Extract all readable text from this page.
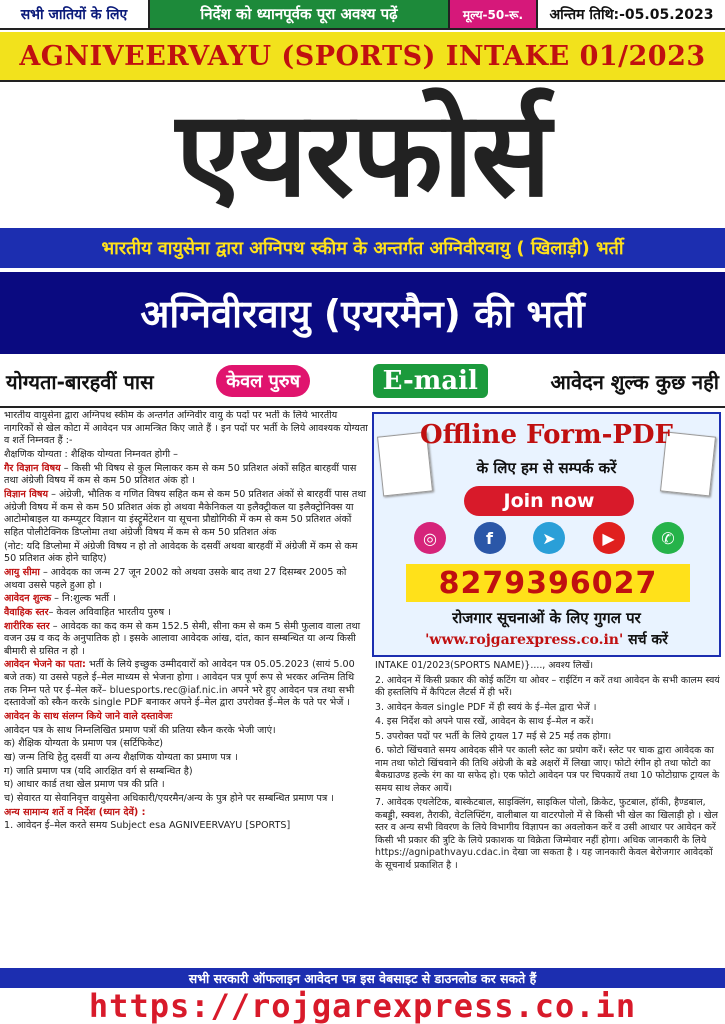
सभी जातियों के लिए	निर्देश को ध्यानपूर्वक पूरा अवश्य पढ़ें	मूल्य-50-रू.	अन्तिम तिथि:-05.05.2023
AGNIVEERVAYU (SPORTS) INTAKE 01/2023
एयरफोर्स
भारतीय वायुसेना द्वारा अग्निपथ स्कीम के अन्तर्गत अग्निवीरवायु ( खिलाड़ी) भर्ती
अग्निवीरवायु (एयरमैन) की भर्ती
योग्यता-बारहवीं पास	केवल पुरुष	E-mail	आवेदन शुल्क कुछ नही

भारतीय वायुसेना द्वारा अग्निपथ स्कीम के अन्तर्गत अग्निवीर वायु के पदों पर भर्ती के लिये भारतीय नागरिकों से खेल कोटा में आवेदन पत्र आमन्त्रित किए जाते हैं । इन पदों पर भर्ती के लिये आवश्यक योग्यता व शर्ते निम्नवत हैं :-

शैक्षणिक योग्यता : शैक्षिक योग्यता निम्नवत होगी –

गैर विज्ञान विषय – किसी भी विषय से कुल मिलाकर कम से कम 50 प्रतिशत अंकों सहित बारहवीं पास तथा अंग्रेजी विषय में कम से कम 50 प्रतिशत अंक हो ।

विज्ञान विषय – अंग्रेजी, भौतिक व गणित विषय सहित कम से कम 50 प्रतिशत अंकों से बारहवीं पास तथा अंग्रेजी विषय में कम से कम 50 प्रतिशत अंक हो अथवा मैकेनिकल या इलैक्ट्रीकल या इलैक्ट्रोनिक्स या आटोमोबाइल या कम्प्यूटर विज्ञान या इंस्ट्रूमेंटेशन या सूचना प्रौद्योगिकी में कम से कम 50 प्रतिशत अंकों सहित पोलीटेक्निक डिप्लोमा तथा अंग्रेजी विषय में कम से कम 50 प्रतिशत अंक

(नोट: यदि डिप्लोमा में अंग्रेजी विषय न हो तो आवेदक के दसवीं अथवा बारहवीं में अंग्रेजी में कम से कम 50 प्रतिशत अंक होने चाहिए)

आयु सीमा – आवेदक का जन्म 27 जून 2002 को अथवा उसके बाद तथा 27 दिसम्बर 2005 को अथवा उससे पहले हुआ हो ।

आवेदन शुल्क – नि:शुल्क भर्ती ।

वैवाहिक स्तर– केवल अविवाहित भारतीय पुरुष ।

शारीरिक स्तर – आवेदक का कद कम से कम 152.5 सेमी, सीना कम से कम 5 सेमी फुलाव वाला तथा वजन उम्र व कद के अनुपातिक हो । इसके आलावा आवेदक आंख, दांत, कान सम्बन्धित या अन्य किसी बीमारी से ग्रसित न हो ।

आवेदन भेजने का पता: भर्ती के लिये इच्छुक उम्मीदवारों को आवेदन पत्र 05.05.2023 (सायं 5.00 बजे तक) या उससे पहले ई–मेल माध्यम से भेजना होगा । आवेदन पत्र पूर्ण रूप से भरकर अन्तिम तिथि तक निम्न पते पर ई–मेल करें– bluesports.rec@iaf.nic.in अपने भरे हुए आवेदन पत्र तथा सभी दस्तावेजों को स्कैन करके single PDF बनाकर अपने ई–मेल द्वारा उपरोक्त ई–मेल के पते पर भेजें ।

आवेदन के साथ संलग्न किये जाने वाले दस्तावेजः

आवेदन पत्र के साथ निम्नलिखित प्रमाण पत्रों की प्रतिया स्कैन करके भेजी जाएं।

क) शैक्षिक योग्यता के प्रमाण पत्र (सर्टिफिकेट)

ख) जन्म तिथि हेतु दसवीं या अन्य शैक्षणिक योग्यता का प्रमाण पत्र ।

ग) जाति प्रमाण पत्र (यदि आरक्षित वर्ग से सम्बन्धित है)

घ) आधार कार्ड तथा खेल प्रमाण पत्र की प्रति ।

च) सेवारत या सेवानिवृत्त वायुसेना अधिकारी/एयरमैन/अन्य के पुत्र होने पर सम्बन्धित प्रमाण पत्र ।

अन्य सामान्य शर्ते व निर्देश (ध्यान देवें) :

1. आवेदन ई–मेल करते समय Subject esa AGNIVEERVAYU [SPORTS]

Offline Form-PDF
के लिए हम से सम्पर्क करें
Join now
◎	f	➤	▶	✆
8279396027
रोजगार सूचनाओं के लिए गुगल पर
'www.rojgarexpress.co.in' सर्च करें
INTAKE 01/2023(SPORTS NAME)}...., अवश्य लिखें।
2. आवेदन में किसी प्रकार की कोई कटिंग या ओवर – राईटिंग न करें तथा आवेदन के सभी कालम स्वयं की हस्तलिपि में कैपिटल लैटर्स में ही भरें।
3. आवेदन केवल single PDF में ही स्वयं के ई–मेल द्वारा भेजें ।
4. इस निर्देश को अपने पास रखें, आवेदन के साथ ई–मेल न करें।
5. उपरोक्त पदों पर भर्ती के लिये ट्रायल 17 मई से 25 मई तक होगा।
6. फोटो खिंचवाते समय आवेदक सीने पर काली स्लेट का प्रयोग करें। स्लेट पर चाक द्वारा आवेदक का नाम तथा फोटो खिंचवाने की तिथि अंग्रेजी के बडे अक्षरों में लिखा जाए। फोटो रंगीन हो तथा फोटो का बैकग्राउण्ड हल्के रंग का या सफेद हो। एक फोटो आवेदन पत्र पर चिपकायें तथा 10 फोटोग्राफ ट्रायल के समय साथ लेकर आयें।
7. आवेदक एथलेटिक, बास्केटबाल, साइक्लिंग, साइकिल पोलो, क्रिकेट, फुटबाल, हॉकी, हैण्डबाल, कबड्डी, स्क्वश, तैराकी, वेटलिफ्टिंग, वालीबाल या वाटरपोलो में से किसी भी खेल का खिलाड़ी हो । खेल स्तर व अन्य सभी विवरण के लिये विभागीय विज्ञापन का अवलोकन करें व उसी आधार पर आवेदन करें किसी भी प्रकार की त्रुटि के लिये प्रकाशक या विक्रेता जिम्मेवार नहीं होगा। अधिक जानकारी के लिये https://agnipathvayu.cdac.in देखा जा सकता है । यह जानकारी केवल बेरोजगार आवेदकों के सूचनार्थ प्रकाशित है ।
सभी सरकारी ऑफलाइन आवेदन पत्र इस वेबसाइट से डाउनलोड कर सकते हैं
https://rojgarexpress.co.in
